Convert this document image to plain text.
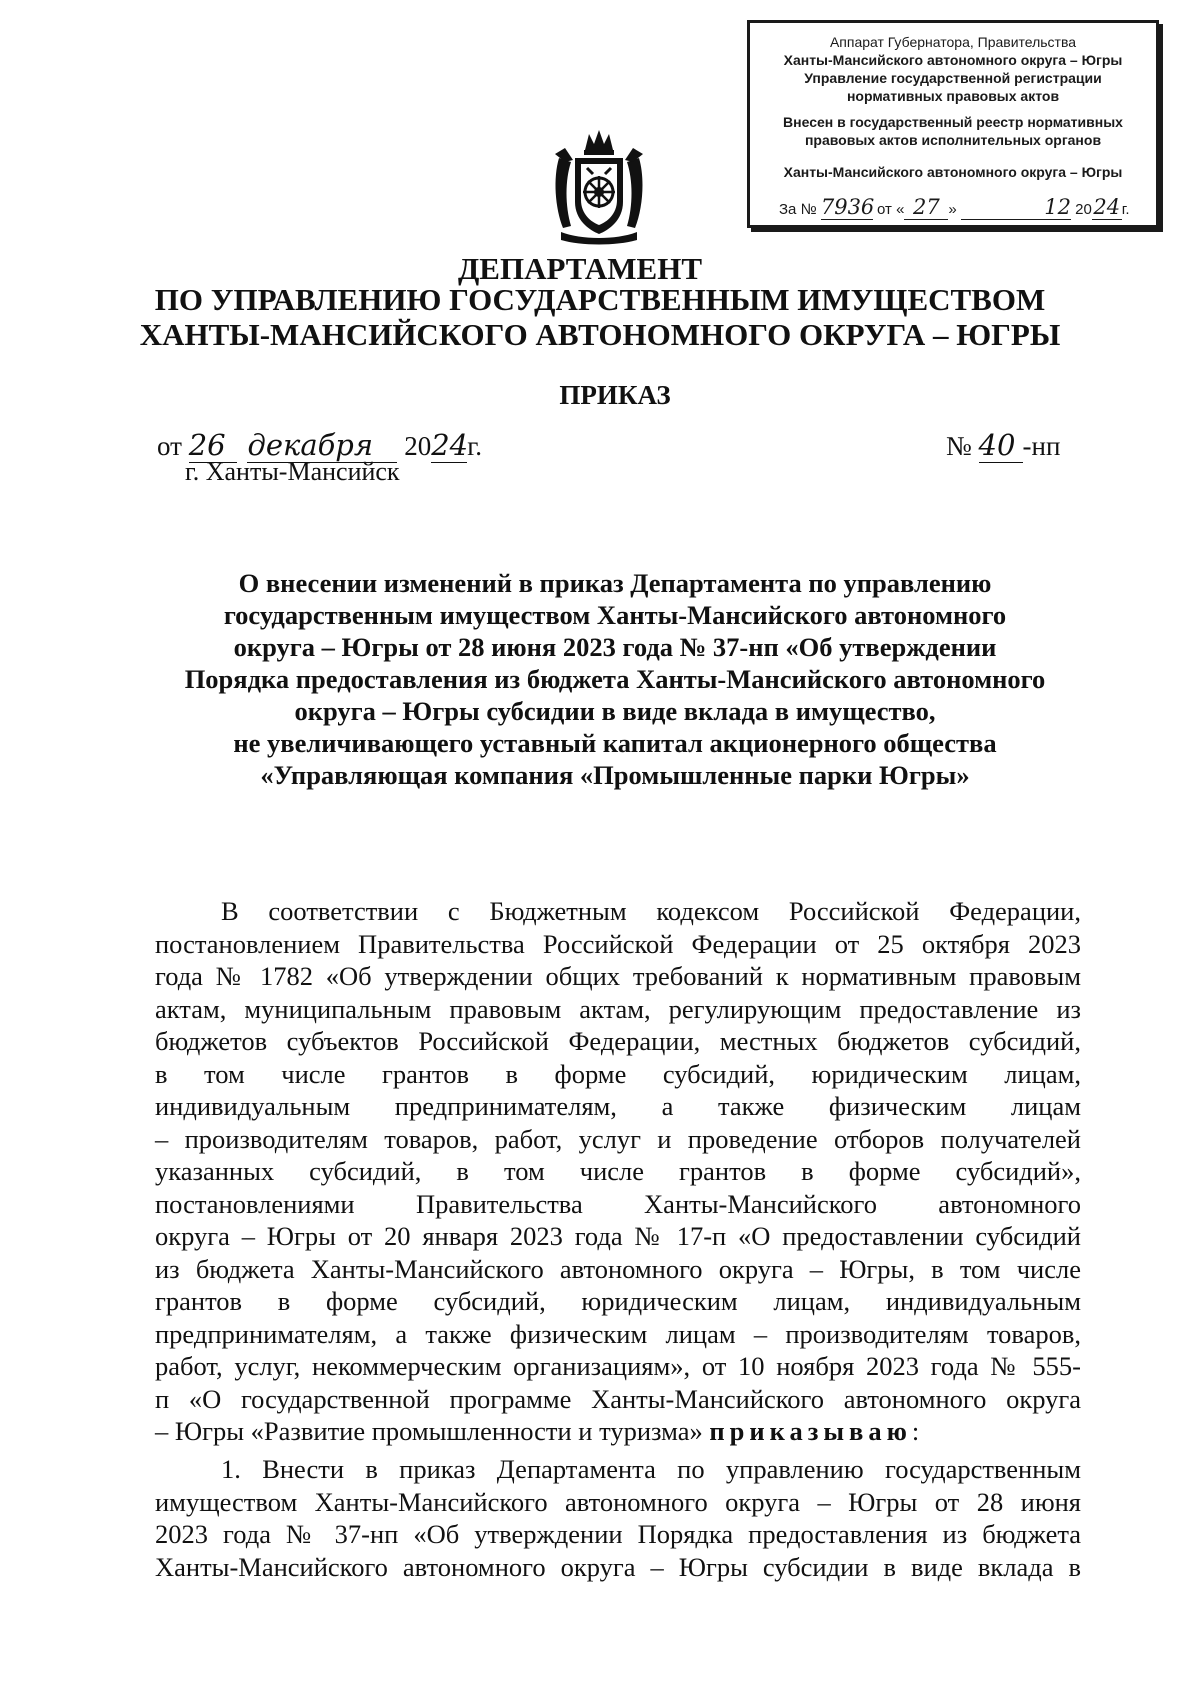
Аппарат Губернатора, Правительства
Ханты-Мансийского автономного округа – Югры
Управление государственной регистрации
нормативных правовых актов
Внесен в государственный реестр нормативных
правовых актов исполнительных органов
Ханты-Мансийского автономного округа – Югры
За № 7936 от « 27 »	12 2024 г.
ДЕПАРТАМЕНТ
ПО УПРАВЛЕНИЮ ГОСУДАРСТВЕННЫМ ИМУЩЕСТВОМ
ХАНТЫ-МАНСИЙСКОГО АВТОНОМНОГО ОКРУГА – ЮГРЫ
ПРИКАЗ
от 26 декабря 2024г.
г. Ханты-Мансийск
№ 40 -нп
О внесении изменений в приказ Департамента по управлению
государственным имуществом Ханты-Мансийского автономного
округа – Югры от 28 июня 2023 года № 37-нп «Об утверждении
Порядка предоставления из бюджета Ханты-Мансийского автономного
округа – Югры субсидии в виде вклада в имущество,
не увеличивающего уставный капитал акционерного общества
«Управляющая компания «Промышленные парки Югры»
В соответствии с Бюджетным кодексом Российской Федерации,
постановлением Правительства Российской Федерации от 25 октября 2023
года № 1782 «Об утверждении общих требований к нормативным правовым
актам, муниципальным правовым актам, регулирующим предоставление из
бюджетов субъектов Российской Федерации, местных бюджетов субсидий,
в том числе грантов в форме субсидий, юридическим лицам,
индивидуальным предпринимателям, а также физическим лицам
– производителям товаров, работ, услуг и проведение отборов получателей
указанных субсидий, в том числе грантов в форме субсидий»,
постановлениями Правительства Ханты-Мансийского автономного
округа – Югры от 20 января 2023 года № 17-п «О предоставлении субсидий
из бюджета Ханты-Мансийского автономного округа – Югры, в том числе
грантов в форме субсидий, юридическим лицам, индивидуальным
предпринимателям, а также физическим лицам – производителям товаров,
работ, услуг, некоммерческим организациям», от 10 ноября 2023 года № 555-
п «О государственной программе Ханты-Мансийского автономного округа
– Югры «Развитие промышленности и туризма» приказываю:
1. Внести в приказ Департамента по управлению государственным
имуществом Ханты-Мансийского автономного округа – Югры от 28 июня
2023 года № 37-нп «Об утверждении Порядка предоставления из бюджета
Ханты-Мансийского автономного округа – Югры субсидии в виде вклада в
